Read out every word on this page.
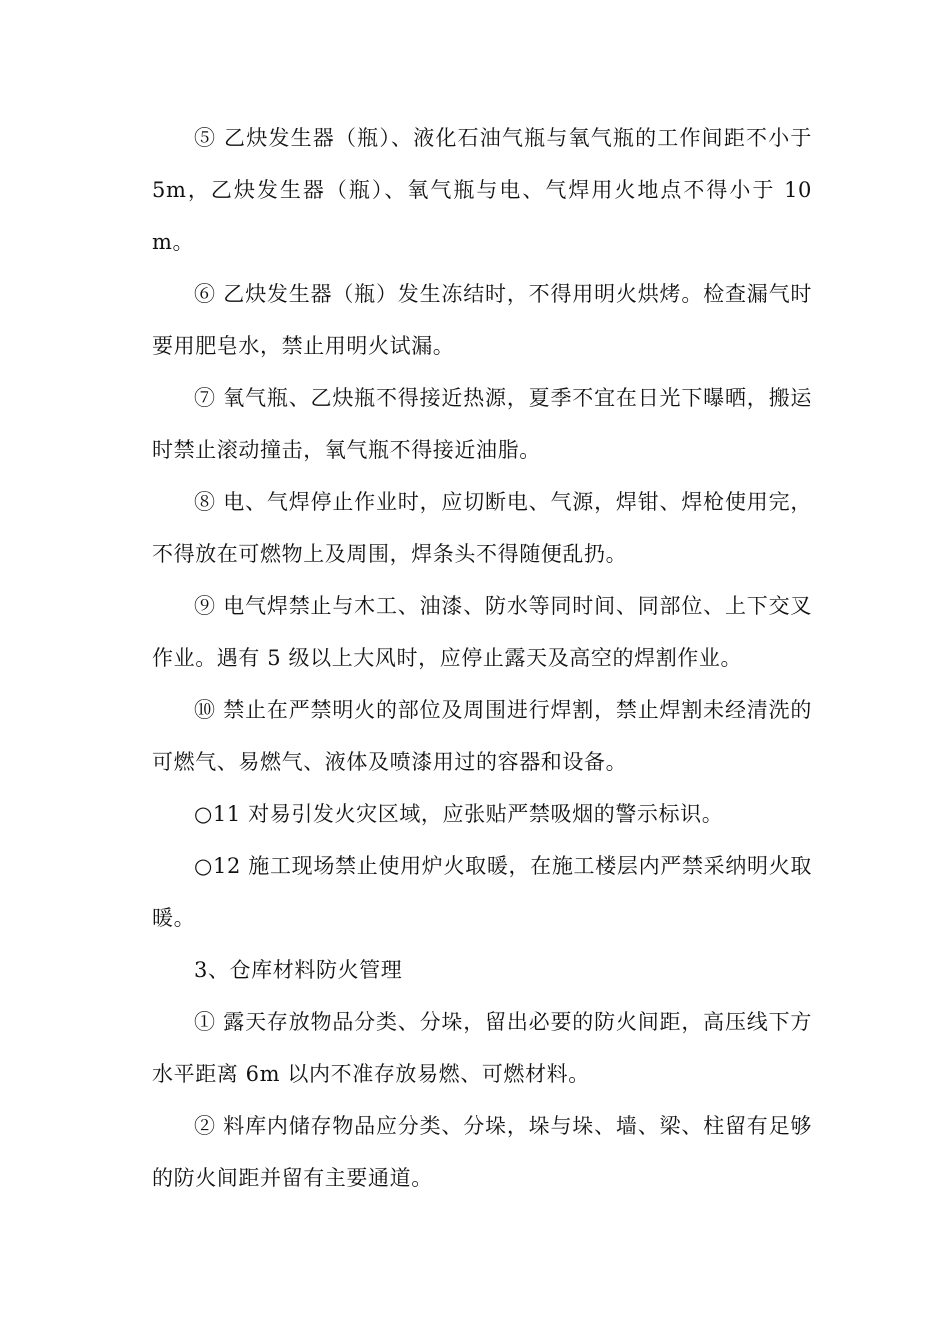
⑤ 乙炔发生器（瓶）、液化石油气瓶与氧气瓶的工作间距不小于 5m，乙炔发生器（瓶）、氧气瓶与电、气焊用火地点不得小于 10m。

⑥ 乙炔发生器（瓶）发生冻结时，不得用明火烘烤。检查漏气时要用肥皂水，禁止用明火试漏。

⑦ 氧气瓶、乙炔瓶不得接近热源，夏季不宜在日光下曝晒，搬运时禁止滚动撞击，氧气瓶不得接近油脂。

⑧ 电、气焊停止作业时，应切断电、气源，焊钳、焊枪使用完，不得放在可燃物上及周围，焊条头不得随便乱扔。

⑨ 电气焊禁止与木工、油漆、防水等同时间、同部位、上下交叉作业。遇有 5 级以上大风时，应停止露天及高空的焊割作业。

⑩ 禁止在严禁明火的部位及周围进行焊割，禁止焊割未经清洗的可燃气、易燃气、液体及喷漆用过的容器和设备。

○11 对易引发火灾区域，应张贴严禁吸烟的警示标识。

○12 施工现场禁止使用炉火取暖，在施工楼层内严禁采纳明火取暖。

3、仓库材料防火管理

① 露天存放物品分类、分垛，留出必要的防火间距，高压线下方水平距离 6m 以内不准存放易燃、可燃材料。

② 料库内储存物品应分类、分垛，垛与垛、墙、梁、柱留有足够的防火间距并留有主要通道。
